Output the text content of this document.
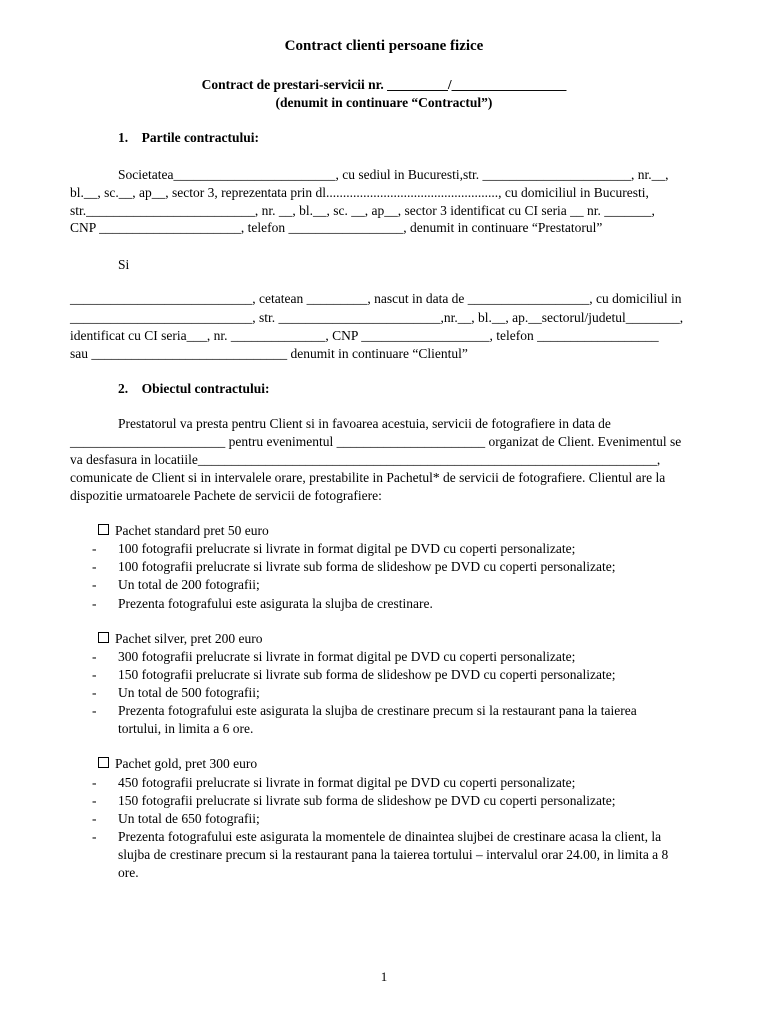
Contract clienti persoane fizice
Contract de prestari-servicii nr. _________/_________________
(denumit in continuare “Contractul”)
1. Partile contractului:
Societatea________________________, cu sediul in Bucuresti,str. ______________________, nr.__,
bl.__, sc.__, ap__, sector 3, reprezentata prin dl..................................................., cu domiciliul in Bucuresti,
str._________________________, nr. __, bl.__, sc. __, ap__, sector 3 identificat cu CI seria __ nr. _______,
CNP _____________________, telefon _________________, denumit in continuare “Prestatorul”
Si
___________________________, cetatean _________, nascut in data de __________________, cu domiciliul in
___________________________, str. ________________________,nr.__, bl.__, ap.__sectorul/judetul________,
identificat cu CI seria___, nr. ______________, CNP ___________________, telefon __________________
sau _____________________________ denumit in continuare “Clientul”
2. Obiectul contractului:
Prestatorul va presta pentru Client si in favoarea acestuia, servicii de fotografiere in data de
_______________________ pentru evenimentul ______________________ organizat de Client. Evenimentul se
va desfasura in locatiile____________________________________________________________________,
comunicate de Client si in intervalele orare, prestabilite in Pachetul* de servicii de fotografiere. Clientul are la
dispozitie urmatoarele Pachete de servicii de fotografiere:
Pachet standard pret 50 euro
- 100 fotografii prelucrate si livrate in format digital pe DVD cu coperti personalizate;
- 100 fotografii prelucrate si livrate sub forma de slideshow pe DVD cu coperti personalizate;
- Un total de 200 fotografii;
- Prezenta fotografului este asigurata la slujba de crestinare.
Pachet silver, pret 200 euro
- 300 fotografii prelucrate si livrate in format digital pe DVD cu coperti personalizate;
- 150 fotografii prelucrate si livrate sub forma de slideshow pe DVD cu coperti personalizate;
- Un total de 500 fotografii;
- Prezenta fotografului este asigurata la slujba de crestinare precum si la restaurant pana la taierea
tortului, in limita a 6 ore.
Pachet gold, pret 300 euro
- 450 fotografii prelucrate si livrate in format digital pe DVD cu coperti personalizate;
- 150 fotografii prelucrate si livrate sub forma de slideshow pe DVD cu coperti personalizate;
- Un total de 650 fotografii;
- Prezenta fotografului este asigurata la momentele de dinaintea slujbei de crestinare acasa la client, la
slujba de crestinare precum si la restaurant pana la taierea tortului – intervalul orar 24.00, in limita a 8
ore.
1
